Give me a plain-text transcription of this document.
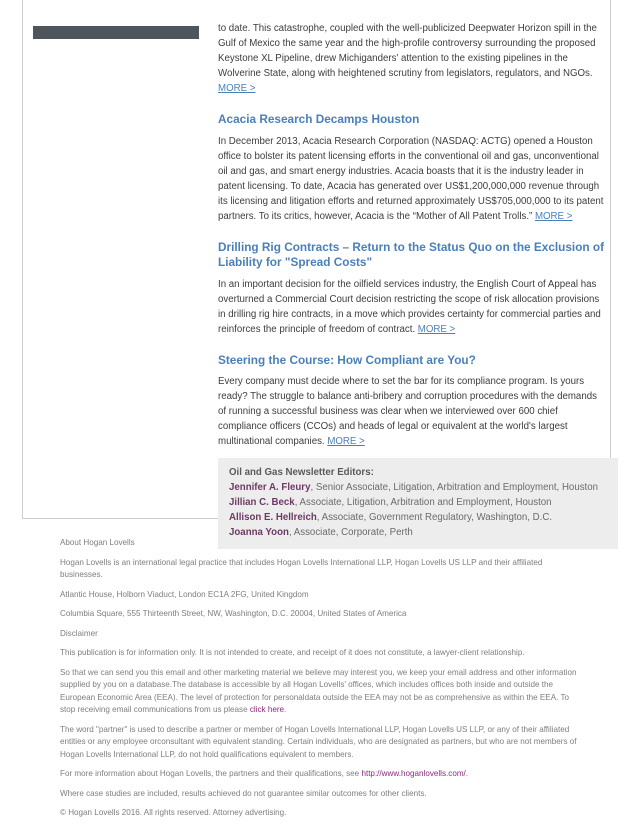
to date. This catastrophe, coupled with the well-publicized Deepwater Horizon spill in the Gulf of Mexico the same year and the high-profile controversy surrounding the proposed Keystone XL Pipeline, drew Michiganders' attention to the existing pipelines in the Wolverine State, along with heightened scrutiny from legislators, regulators, and NGOs. MORE >

Acacia Research Decamps Houston

In December 2013, Acacia Research Corporation (NASDAQ: ACTG) opened a Houston office to bolster its patent licensing efforts in the conventional oil and gas, unconventional oil and gas, and smart energy industries. Acacia boasts that it is the industry leader in patent licensing. To date, Acacia has generated over US$1,200,000,000 revenue through its licensing and litigation efforts and returned approximately US$705,000,000 to its patent partners. To its critics, however, Acacia is the “Mother of All Patent Trolls.” MORE >

Drilling Rig Contracts – Return to the Status Quo on the Exclusion of Liability for "Spread Costs"

In an important decision for the oilfield services industry, the English Court of Appeal has overturned a Commercial Court decision restricting the scope of risk allocation provisions in drilling rig hire contracts, in a move which provides certainty for commercial parties and reinforces the principle of freedom of contract. MORE >

Steering the Course: How Compliant are You?

Every company must decide where to set the bar for its compliance program. Is yours ready? The struggle to balance anti-bribery and corruption procedures with the demands of running a successful business was clear when we interviewed over 600 chief compliance officers (CCOs) and heads of legal or equivalent at the world's largest multinational companies. MORE >

Oil and Gas Newsletter Editors:
Jennifer A. Fleury, Senior Associate, Litigation, Arbitration and Employment, Houston
Jillian C. Beck, Associate, Litigation, Arbitration and Employment, Houston
Allison E. Hellreich, Associate, Government Regulatory, Washington, D.C.
Joanna Yoon, Associate, Corporate, Perth

About Hogan Lovells

Hogan Lovells is an international legal practice that includes Hogan Lovells International LLP, Hogan Lovells US LLP and their affiliated businesses.

Atlantic House, Holborn Viaduct, London EC1A 2FG, United Kingdom

Columbia Square, 555 Thirteenth Street, NW, Washington, D.C. 20004, United States of America

Disclaimer

This publication is for information only. It is not intended to create, and receipt of it does not constitute, a lawyer-client relationship.

So that we can send you this email and other marketing material we believe may interest you, we keep your email address and other information supplied by you on a database.The database is accessible by all Hogan Lovells' offices, which includes offices both inside and outside the European Economic Area (EEA). The level of protection for personaldata outside the EEA may not be as comprehensive as within the EEA. To stop receiving email communications from us please click here.

The word "partner" is used to describe a partner or member of Hogan Lovells International LLP, Hogan Lovells US LLP, or any of their affiliated entities or any employee orconsultant with equivalent standing. Certain individuals, who are designated as partners, but who are not members of Hogan Lovells International LLP, do not hold qualifications equivalent to members.

For more information about Hogan Lovells, the partners and their qualifications, see http://www.hoganlovells.com/.

Where case studies are included, results achieved do not guarantee similar outcomes for other clients.

© Hogan Lovells 2016. All rights reserved. Attorney advertising.
